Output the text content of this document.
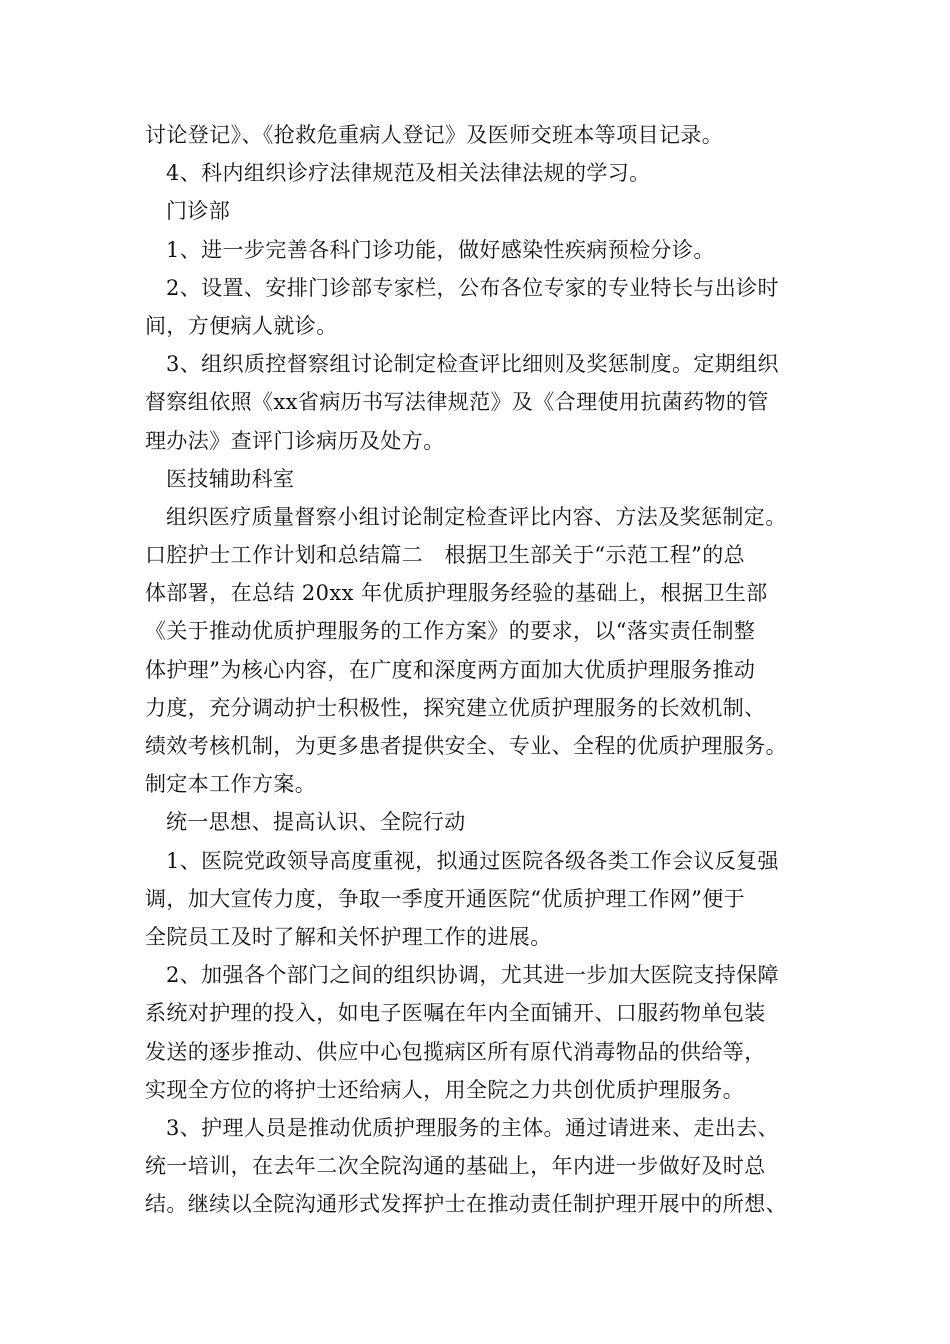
讨论登记》、《抢救危重病人登记》及医师交班本等项目记录。
4、科内组织诊疗法律规范及相关法律法规的学习。
门诊部
1、进一步完善各科门诊功能，做好感染性疾病预检分诊。
2、设置、安排门诊部专家栏，公布各位专家的专业特长与出诊时
间，方便病人就诊。
3、组织质控督察组讨论制定检查评比细则及奖惩制度。定期组织
督察组依照《xx省病历书写法律规范》及《合理使用抗菌药物的管
理办法》查评门诊病历及处方。
医技辅助科室
组织医疗质量督察小组讨论制定检查评比内容、方法及奖惩制定。
口腔护士工作计划和总结篇二　根据卫生部关于“示范工程”的总
体部署，在总结 20xx 年优质护理服务经验的基础上，根据卫生部
《关于推动优质护理服务的工作方案》的要求，以“落实责任制整
体护理”为核心内容，在广度和深度两方面加大优质护理服务推动
力度，充分调动护士积极性，探究建立优质护理服务的长效机制、
绩效考核机制，为更多患者提供安全、专业、全程的优质护理服务。
制定本工作方案。
统一思想、提高认识、全院行动
1、医院党政领导高度重视，拟通过医院各级各类工作会议反复强
调，加大宣传力度，争取一季度开通医院“优质护理工作网”便于
全院员工及时了解和关怀护理工作的进展。
2、加强各个部门之间的组织协调，尤其进一步加大医院支持保障
系统对护理的投入，如电子医嘱在年内全面铺开、口服药物单包装
发送的逐步推动、供应中心包揽病区所有原代消毒物品的供给等，
实现全方位的将护士还给病人，用全院之力共创优质护理服务。
3、护理人员是推动优质护理服务的主体。通过请进来、走出去、
统一培训，在去年二次全院沟通的基础上，年内进一步做好及时总
结。继续以全院沟通形式发挥护士在推动责任制护理开展中的所想、
